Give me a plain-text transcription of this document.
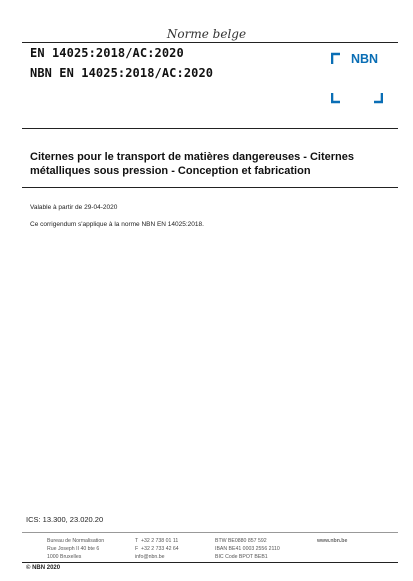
Norme belge
EN 14025:2018/AC:2020
NBN EN 14025:2018/AC:2020
NBN
Citernes pour le transport de matières dangereuses - Citernes métalliques sous pression - Conception et fabrication
Valable à partir de 29-04-2020
Ce corrigendum s'applique à la norme NBN EN 14025:2018.
ICS: 13.300, 23.020.20
Bureau de Normalisation
Rue Joseph II 40 bte 6
1000 Bruxelles
T  +32 2 738 01 11
F  +32 2 733 42 64
info@nbn.be
BTW BE0880 857 592
IBAN BE41 0003 2556 2110
BIC Code BPOT BEB1
www.nbn.be
© NBN 2020
